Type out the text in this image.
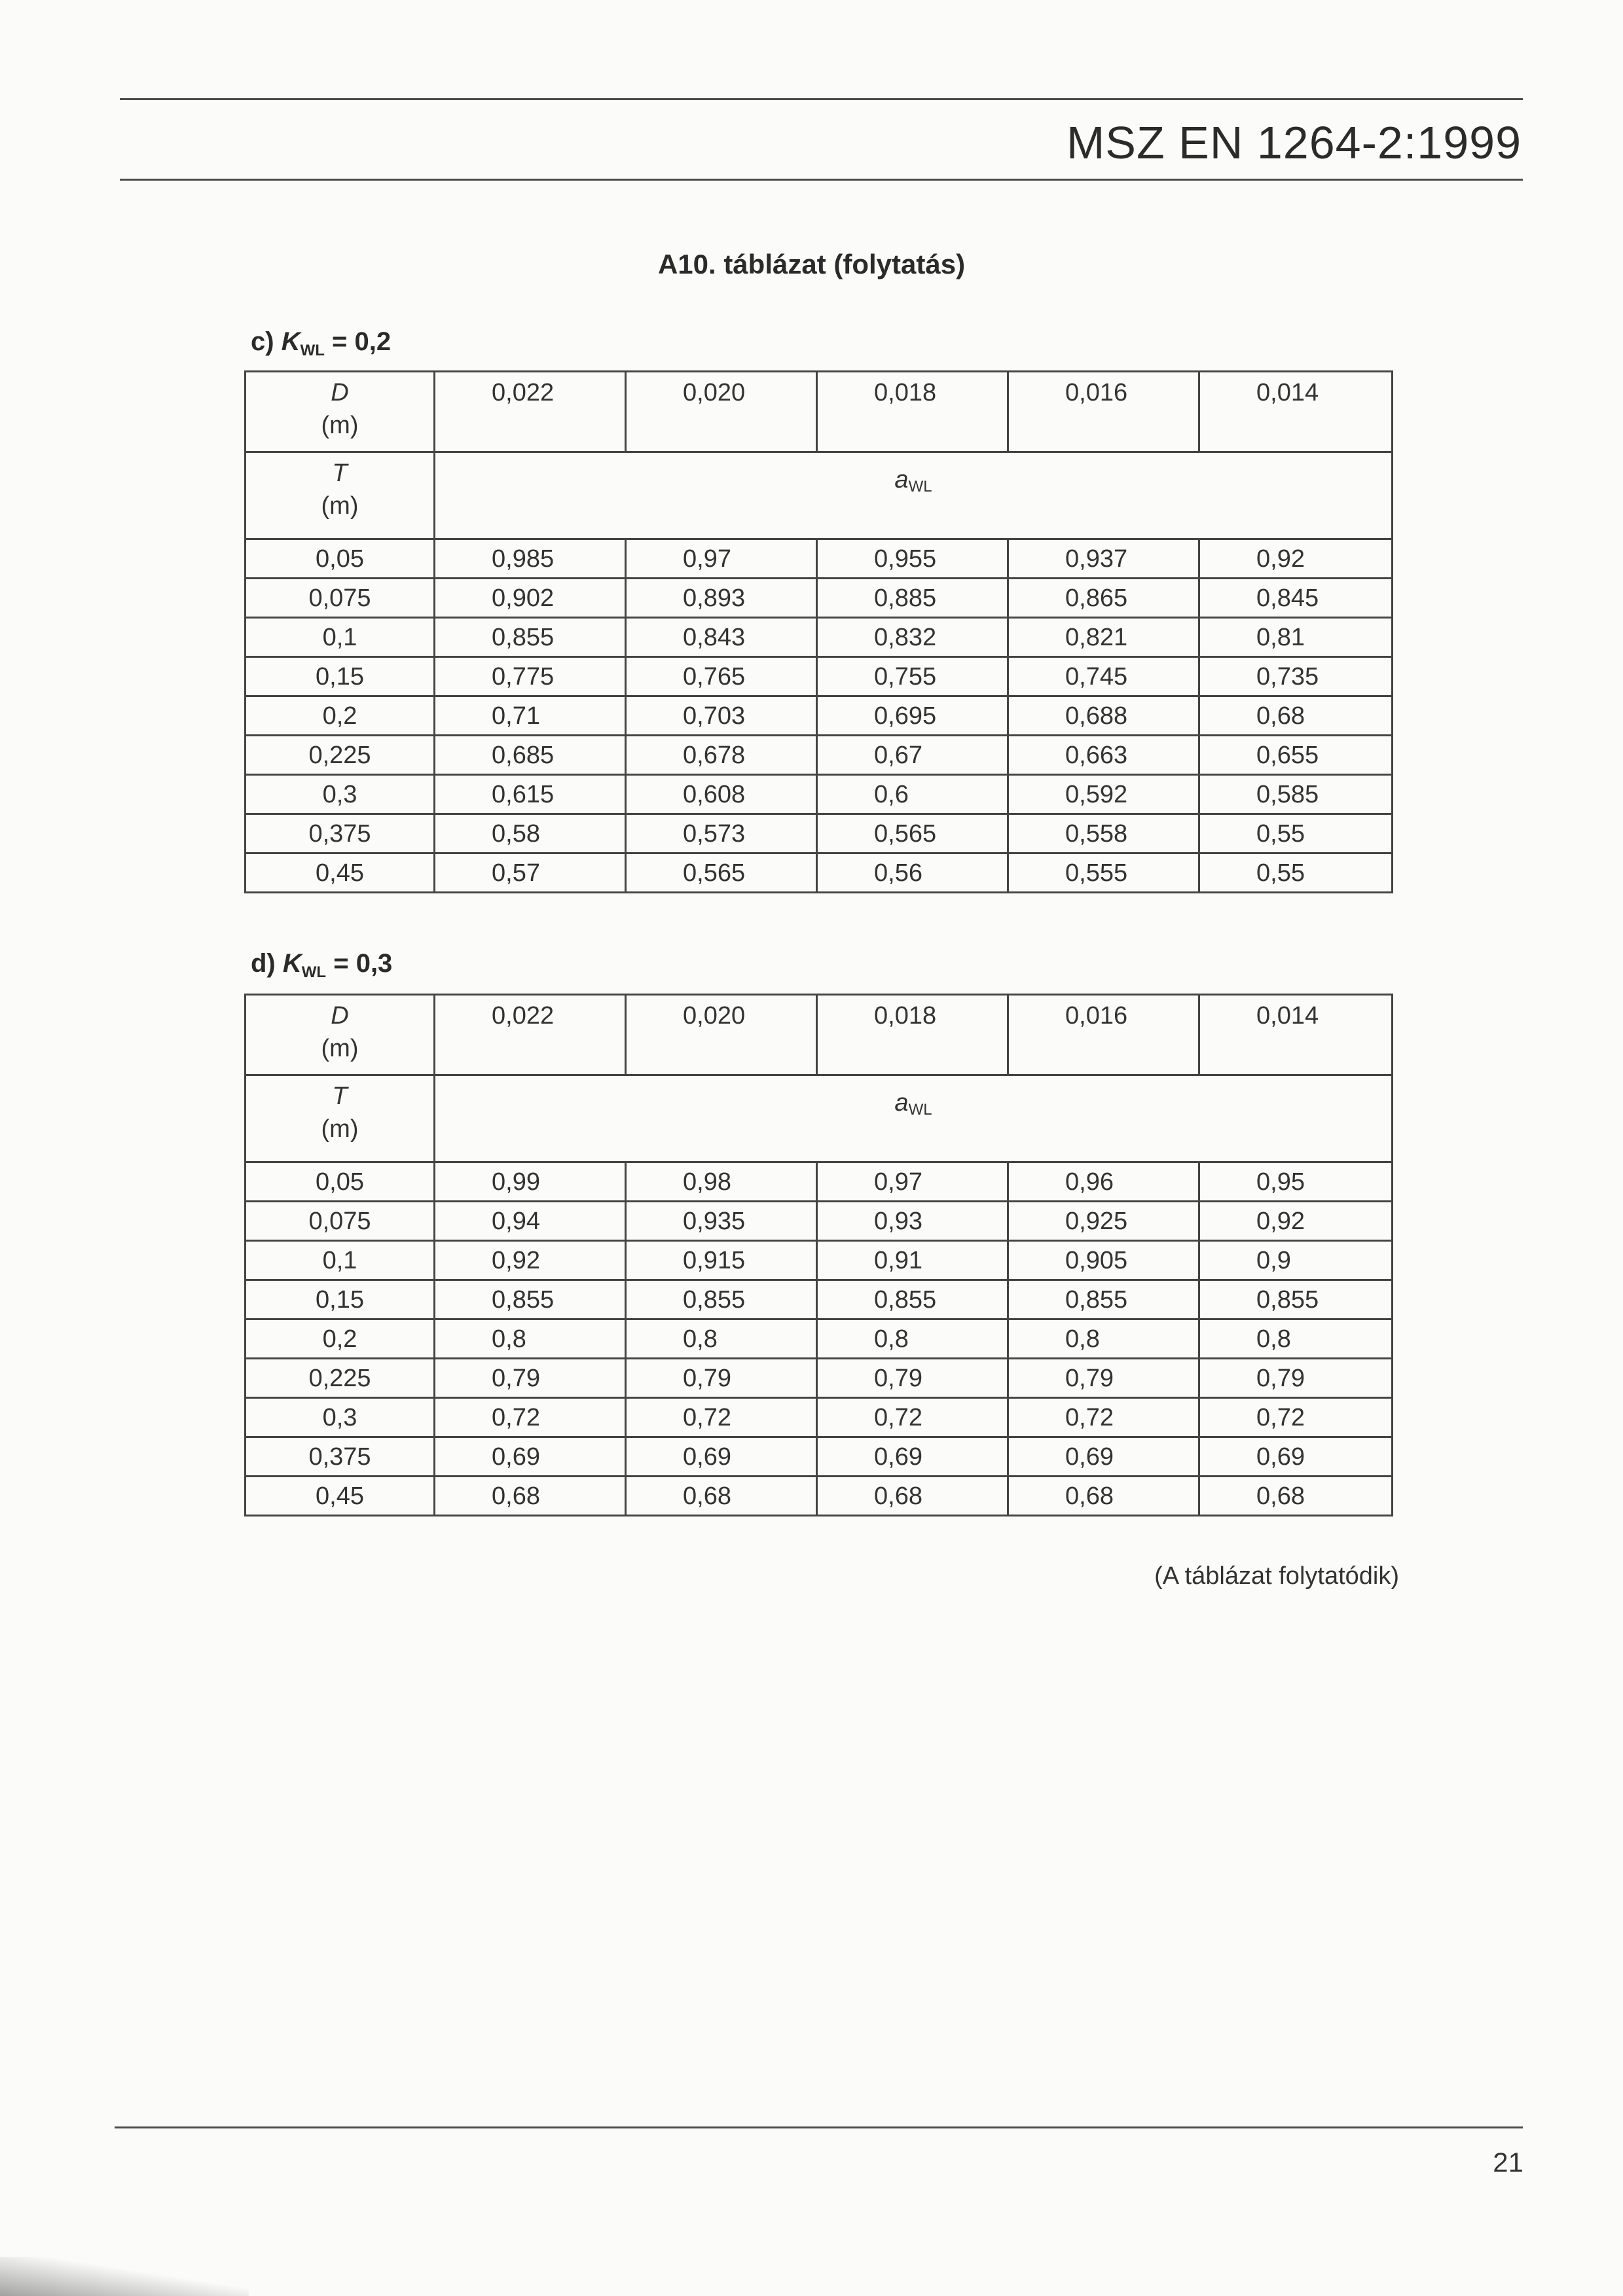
MSZ EN 1264-2:1999
A10. táblázat (folytatás)
c) $K_{WL} = 0,2$
D
(m)	0,022	0,020	0,018	0,016	0,014
T
(m)	aWL				
0,05	0,985	0,97	0,955	0,937	0,92
0,075	0,902	0,893	0,885	0,865	0,845
0,1	0,855	0,843	0,832	0,821	0,81
0,15	0,775	0,765	0,755	0,745	0,735
0,2	0,71	0,703	0,695	0,688	0,68
0,225	0,685	0,678	0,67	0,663	0,655
0,3	0,615	0,608	0,6	0,592	0,585
0,375	0,58	0,573	0,565	0,558	0,55
0,45	0,57	0,565	0,56	0,555	0,55
d) $K_{WL} = 0,3$
D
(m)	0,022	0,020	0,018	0,016	0,014
T
(m)	aWL				
0,05	0,99	0,98	0,97	0,96	0,95
0,075	0,94	0,935	0,93	0,925	0,92
0,1	0,92	0,915	0,91	0,905	0,9
0,15	0,855	0,855	0,855	0,855	0,855
0,2	0,8	0,8	0,8	0,8	0,8
0,225	0,79	0,79	0,79	0,79	0,79
0,3	0,72	0,72	0,72	0,72	0,72
0,375	0,69	0,69	0,69	0,69	0,69
0,45	0,68	0,68	0,68	0,68	0,68
(A táblázat folytatódik)
21
